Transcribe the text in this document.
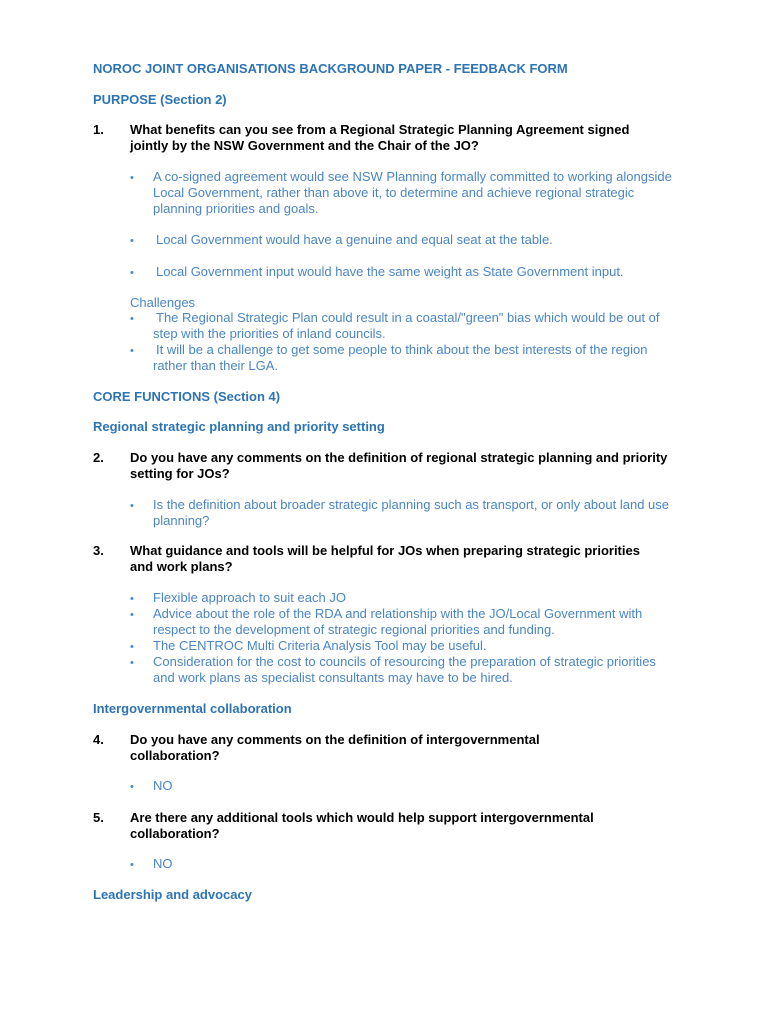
NOROC JOINT ORGANISATIONS BACKGROUND PAPER - FEEDBACK FORM
PURPOSE (Section 2)
1. What benefits can you see from a Regional Strategic Planning Agreement signed jointly by the NSW Government and the Chair of the JO?
• A co-signed agreement would see NSW Planning formally committed to working alongside Local Government, rather than above it, to determine and achieve regional strategic planning priorities and goals.
• Local Government would have a genuine and equal seat at the table.
• Local Government input would have the same weight as State Government input.
Challenges
• The Regional Strategic Plan could result in a coastal/"green" bias which would be out of step with the priorities of inland councils.
• It will be a challenge to get some people to think about the best interests of the region rather than their LGA.
CORE FUNCTIONS (Section 4)
Regional strategic planning and priority setting
2. Do you have any comments on the definition of regional strategic planning and priority setting for JOs?
• Is the definition about broader strategic planning such as transport, or only about land use planning?
3. What guidance and tools will be helpful for JOs when preparing strategic priorities and work plans?
• Flexible approach to suit each JO
• Advice about the role of the RDA and relationship with the JO/Local Government with respect to the development of strategic regional priorities and funding.
• The CENTROC Multi Criteria Analysis Tool may be useful.
• Consideration for the cost to councils of resourcing the preparation of strategic priorities and work plans as specialist consultants may have to be hired.
Intergovernmental collaboration
4. Do you have any comments on the definition of intergovernmental collaboration?
• NO
5. Are there any additional tools which would help support intergovernmental collaboration?
• NO
Leadership and advocacy
